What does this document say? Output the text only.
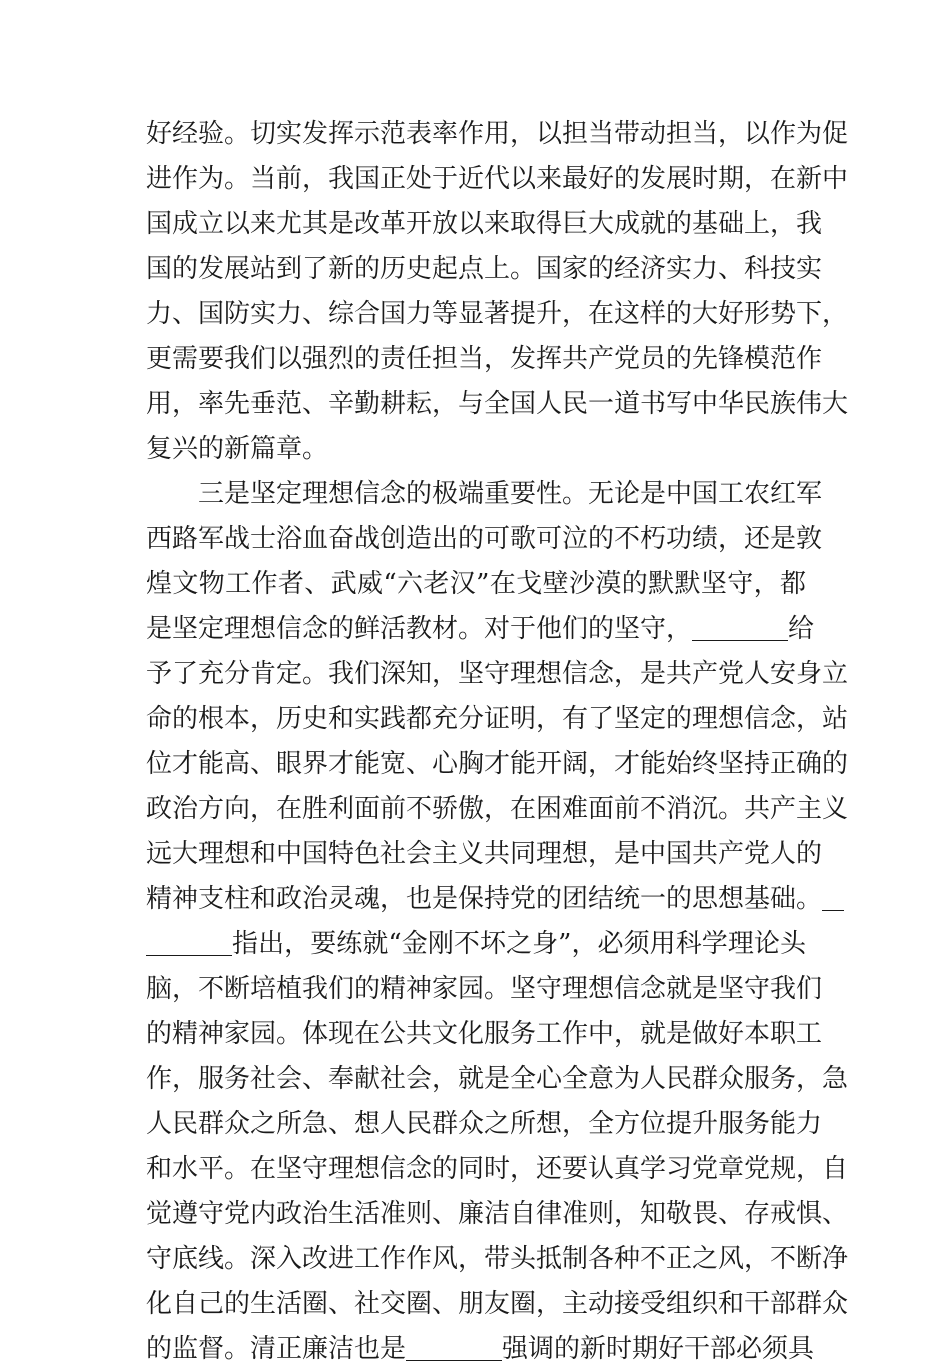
好经验。切实发挥示范表率作用，以担当带动担当，以作为促
进作为。当前，我国正处于近代以来最好的发展时期，在新中
国成立以来尤其是改革开放以来取得巨大成就的基础上，我
国的发展站到了新的历史起点上。国家的经济实力、科技实
力、国防实力、综合国力等显著提升，在这样的大好形势下，
更需要我们以强烈的责任担当，发挥共产党员的先锋模范作
用，率先垂范、辛勤耕耘，与全国人民一道书写中华民族伟大
复兴的新篇章。
三是坚定理想信念的极端重要性。无论是中国工农红军
西路军战士浴血奋战创造出的可歌可泣的不朽功绩，还是敦
煌文物工作者、武威“六老汉”在戈壁沙漠的默默坚守，都
是坚定理想信念的鲜活教材。对于他们的坚守，	给
予了充分肯定。我们深知，坚守理想信念，是共产党人安身立
命的根本，历史和实践都充分证明，有了坚定的理想信念，站
位才能高、眼界才能宽、心胸才能开阔，才能始终坚持正确的
政治方向，在胜利面前不骄傲，在困难面前不消沉。共产主义
远大理想和中国特色社会主义共同理想，是中国共产党人的
精神支柱和政治灵魂，也是保持党的团结统一的思想基础。
指出，要练就“金刚不坏之身”，必须用科学理论头
脑，不断培植我们的精神家园。坚守理想信念就是坚守我们
的精神家园。体现在公共文化服务工作中，就是做好本职工
作，服务社会、奉献社会，就是全心全意为人民群众服务，急
人民群众之所急、想人民群众之所想，全方位提升服务能力
和水平。在坚守理想信念的同时，还要认真学习党章党规，自
觉遵守党内政治生活准则、廉洁自律准则，知敬畏、存戒惧、
守底线。深入改进工作作风，带头抵制各种不正之风，不断净
化自己的生活圈、社交圈、朋友圈，主动接受组织和干部群众
的监督。清正廉洁也是	强调的新时期好干部必须具
